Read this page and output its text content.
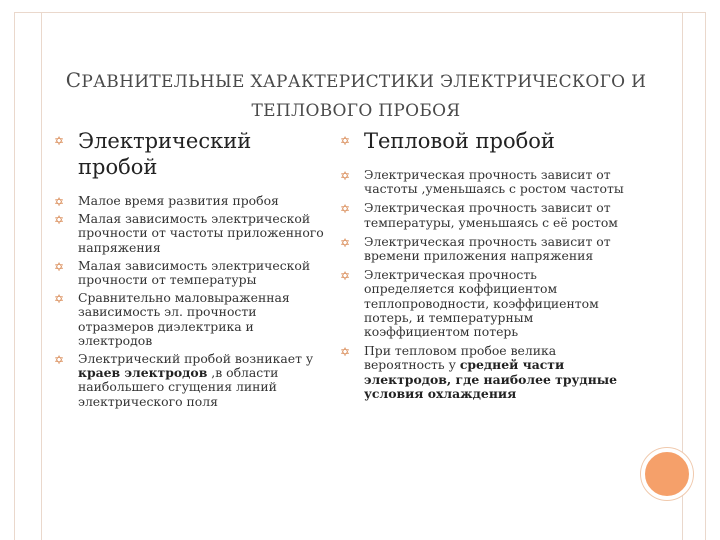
СРАВНИТЕЛЬНЫЕ ХАРАКТЕРИСТИКИ ЭЛЕКТРИЧЕСКОГО И
ТЕПЛОВОГО ПРОБОЯ
✡ Электрический пробой
✡ Малое время развития пробоя
✡ Малая зависимость электрической прочности от частоты приложенного напряжения
✡ Малая зависимость электрической прочности от температуры
✡ Сравнительно маловыраженная зависимость эл. прочности отразмеров диэлектрика и электродов
✡ Электрический пробой возникает у краев электродов ,в области наибольшего сгущения линий электрического поля
✡ Тепловой пробой
✡ Электрическая прочность зависит от частоты ,уменьшаясь с ростом частоты
✡ Электрическая прочность зависит от температуры, уменьшаясь с её ростом
✡ Электрическая прочность зависит от времени приложения напряжения
✡ Электрическая прочность определяется коффициентом теплопроводности, коэффициентом потерь, и температурным коэффициентом потерь
✡ При тепловом пробое велика вероятность у средней части электродов, где наиболее трудные условия охлаждения
